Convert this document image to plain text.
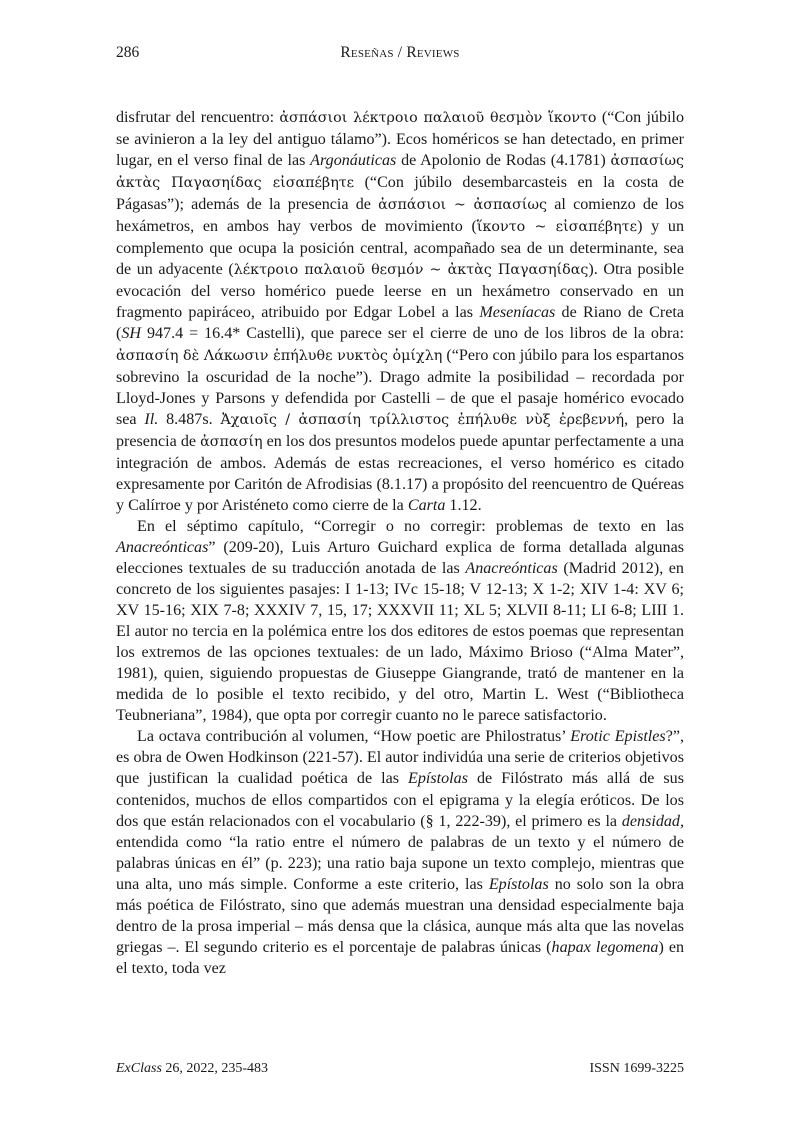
286	Reseñas / Reviews

disfrutar del rencuentro: ἀσπάσιοι λέκτροιο παλαιοῦ θεσμὸν ἵκοντο (“Con júbilo se avinieron a la ley del antiguo tálamo”). Ecos homéricos se han detectado, en primer lugar, en el verso final de las Argonáuticas de Apolonio de Rodas (4.1781) ἀσπασίως ἀκτὰς Παγασηίδας εἰσαπέβητε (“Con júbilo desembarcasteis en la costa de Págasas”); además de la presencia de ἀσπάσιοι ~ ἀσπασίως al comienzo de los hexámetros, en ambos hay verbos de movimiento (ἵκοντο ~ εἰσαπέβητε) y un complemento que ocupa la posición central, acompañado sea de un determinante, sea de un adyacente (λέκτροιο παλαιοῦ θεσμόν ~ ἀκτὰς Παγασηίδας). Otra posible evocación del verso homérico puede leerse en un hexámetro conservado en un fragmento papiráceo, atribuido por Edgar Lobel a las Meseníacas de Riano de Creta (SH 947.4 = 16.4* Castelli), que parece ser el cierre de uno de los libros de la obra: ἀσπασίη δὲ Λάκωσιν ἐπήλυθε νυκτὸς ὀμίχλη (“Pero con júbilo para los espartanos sobrevino la oscuridad de la noche”). Drago admite la posibilidad – recordada por Lloyd-Jones y Parsons y defendida por Castelli – de que el pasaje homérico evocado sea Il. 8.487s. Ἀχαιοῖς / ἀσπασίη τρίλλιστος ἐπήλυθε νὺξ ἐρεβεννή, pero la presencia de ἀσπασίη en los dos presuntos modelos puede apuntar perfectamente a una integración de ambos. Además de estas recreaciones, el verso homérico es citado expresamente por Caritón de Afrodisias (8.1.17) a propósito del reencuentro de Quéreas y Calírroe y por Aristéneto como cierre de la Carta 1.12.

En el séptimo capítulo, “Corregir o no corregir: problemas de texto en las Anacreónticas” (209-20), Luis Arturo Guichard explica de forma detallada algunas elecciones textuales de su traducción anotada de las Anacreónticas (Madrid 2012), en concreto de los siguientes pasajes: I 1-13; IVc 15-18; V 12-13; X 1-2; XIV 1-4: XV 6; XV 15-16; XIX 7-8; XXXIV 7, 15, 17; XXXVII 11; XL 5; XLVII 8-11; LI 6-8; LIII 1. El autor no tercia en la polémica entre los dos editores de estos poemas que representan los extremos de las opciones textuales: de un lado, Máximo Brioso (“Alma Mater”, 1981), quien, siguiendo propuestas de Giuseppe Giangrande, trató de mantener en la medida de lo posible el texto recibido, y del otro, Martin L. West (“Bibliotheca Teubneriana”, 1984), que opta por corregir cuanto no le parece satisfactorio.

La octava contribución al volumen, “How poetic are Philostratus’ Erotic Epistles?”, es obra de Owen Hodkinson (221-57). El autor individúa una serie de criterios objetivos que justifican la cualidad poética de las Epístolas de Filóstrato más allá de sus contenidos, muchos de ellos compartidos con el epigrama y la elegía eróticos. De los dos que están relacionados con el vocabulario (§ 1, 222-39), el primero es la densidad, entendida como “la ratio entre el número de palabras de un texto y el número de palabras únicas en él” (p. 223); una ratio baja supone un texto complejo, mientras que una alta, uno más simple. Conforme a este criterio, las Epístolas no solo son la obra más poética de Filóstrato, sino que además muestran una densidad especialmente baja dentro de la prosa imperial – más densa que la clásica, aunque más alta que las novelas griegas –. El segundo criterio es el porcentaje de palabras únicas (hapax legomena) en el texto, toda vez

ExClass 26, 2022, 235-483	ISSN 1699-3225
